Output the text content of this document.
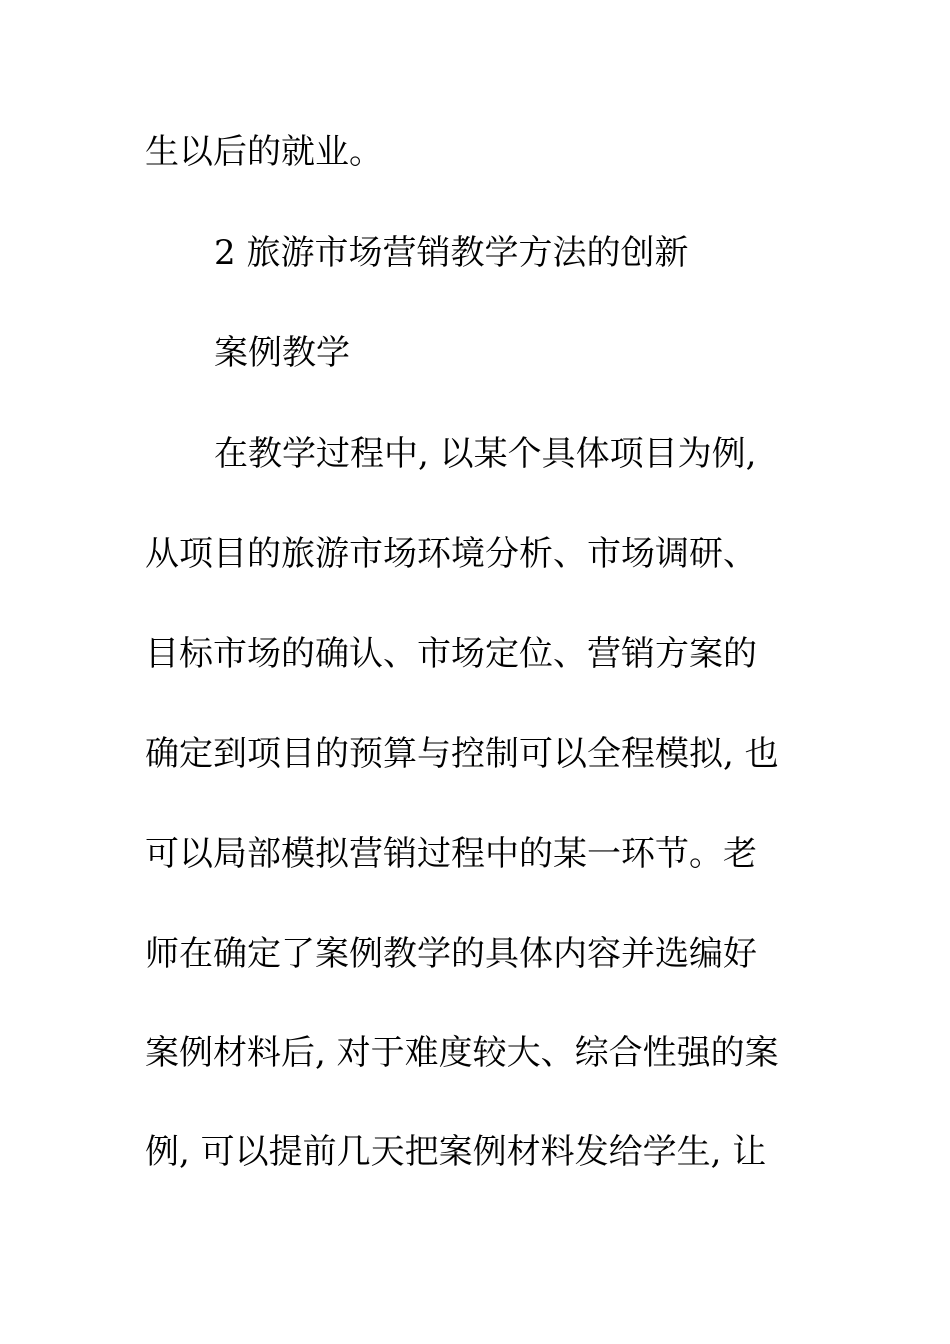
生以后的就业。
2 旅游市场营销教学方法的创新
案例教学
在教学过程中, 以某个具体项目为例,
从项目的旅游市场环境分析、市场调研、
目标市场的确认、市场定位、营销方案的
确定到项目的预算与控制可以全程模拟, 也
可以局部模拟营销过程中的某一环节。老
师在确定了案例教学的具体内容并选编好
案例材料后, 对于难度较大、综合性强的案
例, 可以提前几天把案例材料发给学生, 让
